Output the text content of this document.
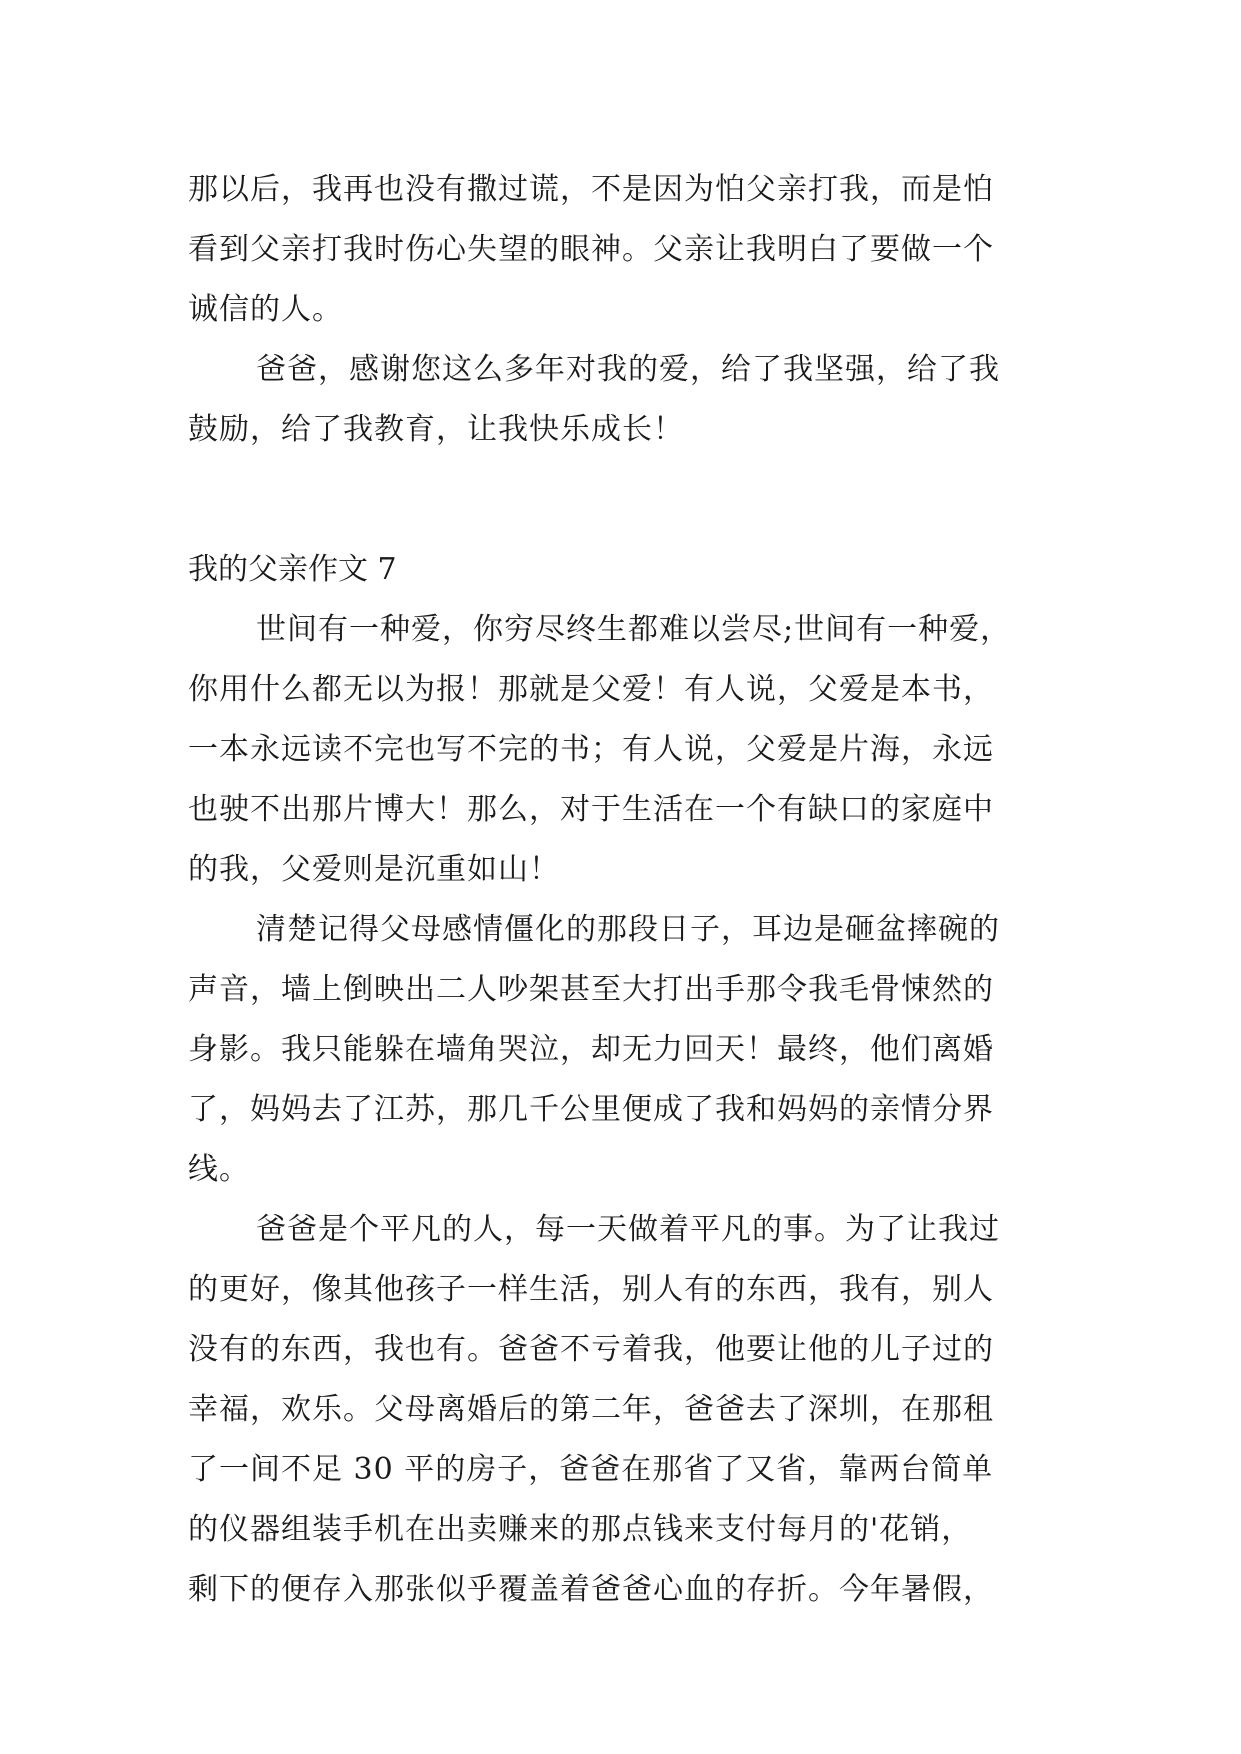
那以后，我再也没有撒过谎，不是因为怕父亲打我，而是怕
看到父亲打我时伤心失望的眼神。父亲让我明白了要做一个
诚信的人。
爸爸，感谢您这么多年对我的爱，给了我坚强，给了我
鼓励，给了我教育，让我快乐成长！
我的父亲作文 7
世间有一种爱，你穷尽终生都难以尝尽;世间有一种爱，
你用什么都无以为报！那就是父爱！有人说，父爱是本书，
一本永远读不完也写不完的书；有人说，父爱是片海，永远
也驶不出那片博大！那么，对于生活在一个有缺口的家庭中
的我，父爱则是沉重如山！
清楚记得父母感情僵化的那段日子，耳边是砸盆摔碗的
声音，墙上倒映出二人吵架甚至大打出手那令我毛骨悚然的
身影。我只能躲在墙角哭泣，却无力回天！最终，他们离婚
了，妈妈去了江苏，那几千公里便成了我和妈妈的亲情分界
线。
爸爸是个平凡的人，每一天做着平凡的事。为了让我过
的更好，像其他孩子一样生活，别人有的东西，我有，别人
没有的东西，我也有。爸爸不亏着我，他要让他的儿子过的
幸福，欢乐。父母离婚后的第二年，爸爸去了深圳，在那租
了一间不足 30 平的房子，爸爸在那省了又省，靠两台简单
的仪器组装手机在出卖赚来的那点钱来支付每月的'花销，
剩下的便存入那张似乎覆盖着爸爸心血的存折。今年暑假，
